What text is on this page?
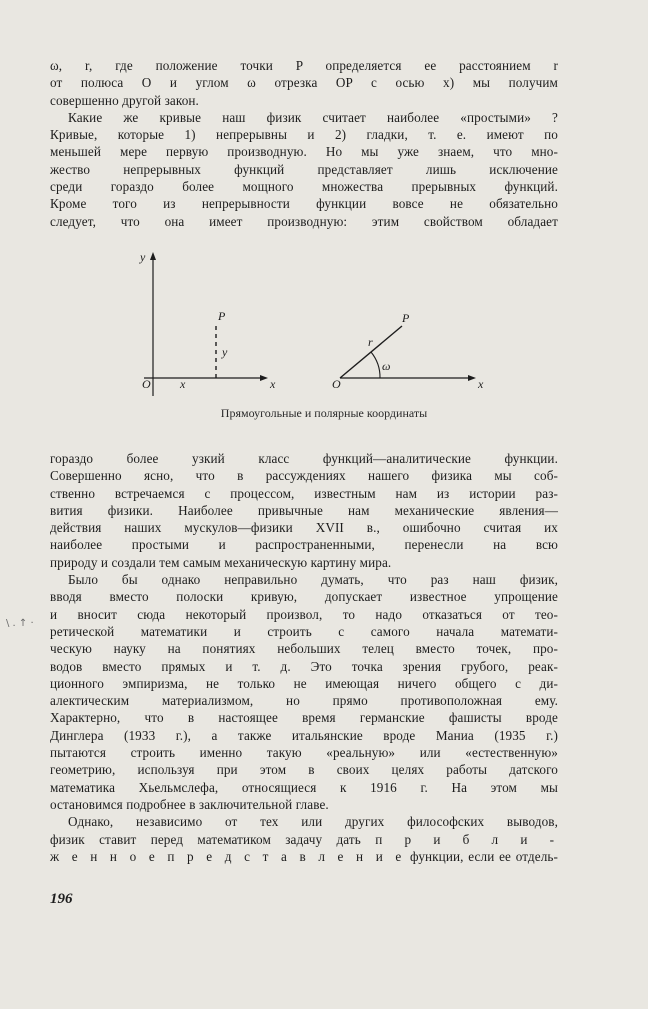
ω, r, где положение точки P определяется ее расстоянием r
от полюса O и углом ω отрезка OP с осью x) мы получим
совершенно другой закон.
Какие же кривые наш физик считает наиболее «простыми» ?
Кривые, которые 1) непрерывны и 2) гладки, т. е. имеют по
меньшей мере первую производную. Но мы уже знаем, что мно-
жество непрерывных функций представляет лишь исключение
среди гораздо более мощного множества прерывных функций.
Кроме того из непрерывности функции вовсе не обязательно
следует, что она имеет производную: этим свойством обладает
y
O x	x
P
y
O	x
P
r
ω
Прямоугольные и полярные координаты
гораздо более узкий класс функций—аналитические функции.
Совершенно ясно, что в рассуждениях нашего физика мы соб-
ственно встречаемся с процессом, известным нам из истории раз-
вития физики. Наиболее привычные нам механические явления—
действия наших мускулов—физики XVII в., ошибочно считая их
наиболее простыми и распространенными, перенесли на всю
природу и создали тем самым механическую картину мира.
Было бы однако неправильно думать, что раз наш физик,
вводя вместо полоски кривую, допускает известное упрощение
и вносит сюда некоторый произвол, то надо отказаться от тео-
ретической математики и строить с самого начала математи-
ческую науку на понятиях небольших телец вместо точек, про-
водов вместо прямых и т. д. Это точка зрения грубого, реак-
ционного эмпиризма, не только не имеющая ничего общего с ди-
алектическим материализмом, но прямо противоположная ему.
Характерно, что в настоящее время германские фашисты вроде
Динглера (1933 г.), а также итальянские вроде Маниа (1935 г.)
пытаются строить именно такую «реальную» или «естественную»
геометрию, используя при этом в своих целях работы датского
математика Хьельмслефа, относящиеся к 1916 г. На этом мы
остановимся подробнее в заключительной главе.
Однако, независимо от тех или других философских выводов,
физик ставит перед математиком задачу дать п р и б л и -
ж е н н о е п р е д с т а в л е н и е функции, если ее отдель-
\ . ↑ ·
196
